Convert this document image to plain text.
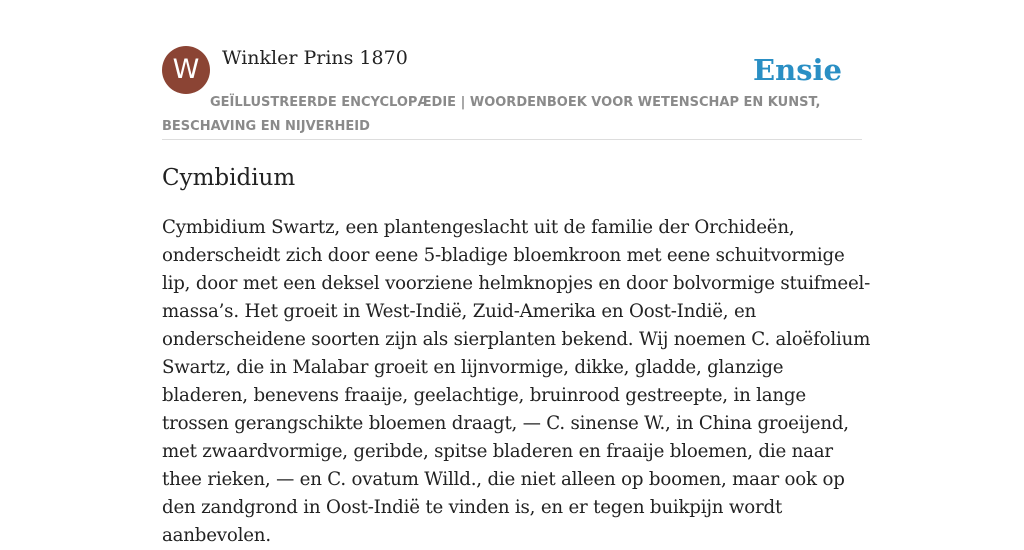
W	Winkler Prins 1870	Ensie
GEÏLLUSTREERDE ENCYCLOPÆDIE | WOORDENBOEK VOOR WETENSCHAP EN KUNST, BESCHAVING EN NIJVERHEID
Cymbidium

Cymbidium Swartz, een plantengeslacht uit de familie der Orchideën, onderscheidt zich door eene 5-bladige bloemkroon met eene schuitvormige lip, door met een deksel voorziene helmknopjes en door bolvormige stuifmeel-massa’s. Het groeit in West-Indië, Zuid-Amerika en Oost-Indië, en onderscheidene soorten zijn als sierplanten bekend. Wij noemen C. aloëfolium Swartz, die in Malabar groeit en lijnvormige, dikke, gladde, glanzige bladeren, benevens fraaije, geelachtige, bruinrood gestreepte, in lange trossen gerangschikte bloemen draagt, — C. sinense W., in China groeijend, met zwaardvormige, geribde, spitse bladeren en fraaije bloemen, die naar thee rieken, — en C. ovatum Willd., die niet alleen op boomen, maar ook op den zandgrond in Oost-Indië te vinden is, en er tegen buikpijn wordt aanbevolen.
